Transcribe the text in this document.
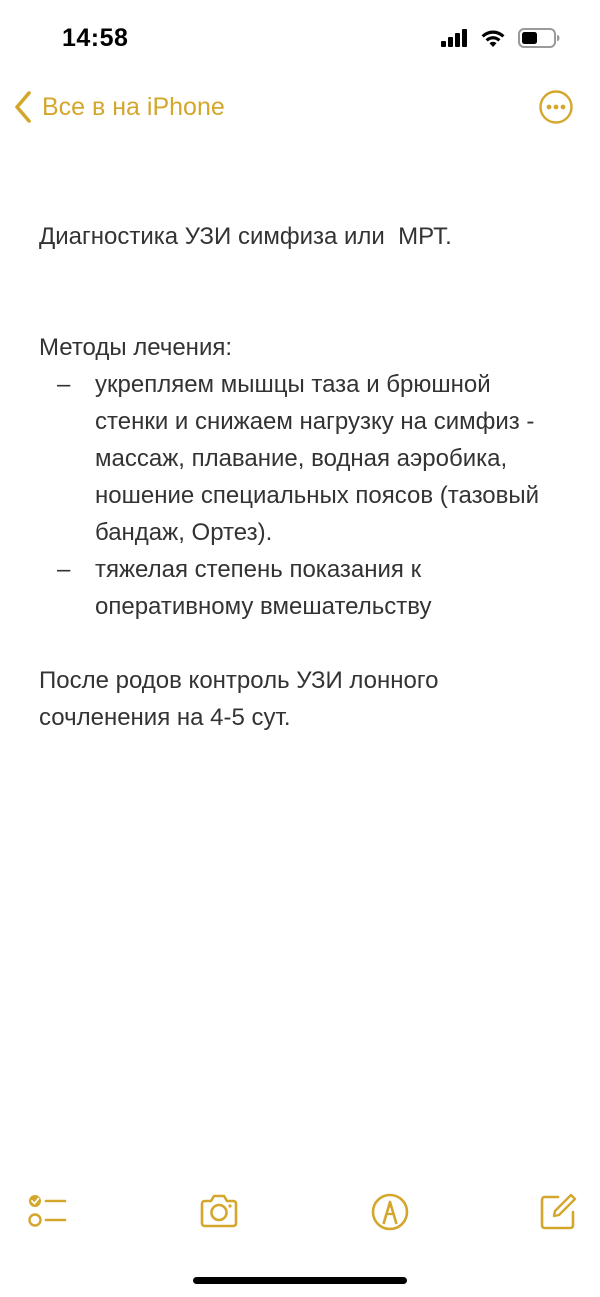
14:58
Все в на iPhone

Диагностика УЗИ симфиза или  МРТ.

Методы лечения:

– укрепляем мышцы таза и брюшной стенки и снижаем нагрузку на симфиз - массаж, плавание, водная аэробика, ношение специальных поясов (тазовый бандаж, Ортез).
– тяжелая степень показания к оперативному вмешательству

После родов контроль УЗИ лонного сочленения на 4-5 сут.
